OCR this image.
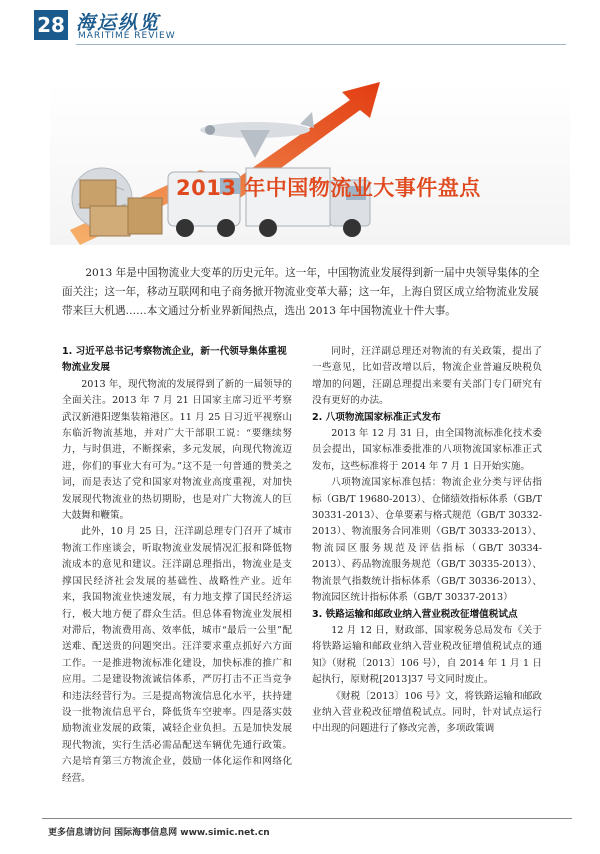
28 海运纵览
MARITIME REVIEW
2013 年中国物流业大事件盘点
2013 年是中国物流业大变革的历史元年。这一年，中国物流业发展得到新一届中央领导集体的全面关注；这一年，移动互联网和电子商务掀开物流业变革大幕；这一年，上海自贸区成立给物流业发展带来巨大机遇……本文通过分析业界新闻热点，选出 2013 年中国物流业十件大事。
1. 习近平总书记考察物流企业，新一代领导集体重视物流业发展

2013 年，现代物流的发展得到了新的一届领导的全面关注。2013 年 7 月 21 日国家主席习近平考察武汉新港阳逻集装箱港区。11 月 25 日习近平视察山东临沂物流基地，并对广大干部职工说：“要继续努力，与时俱进，不断探索，多元发展，向现代物流迈进，你们的事业大有可为。”这不是一句普通的赞美之词，而是表达了党和国家对物流业高度重视，对加快发展现代物流业的热切期盼，也是对广大物流人的巨大鼓舞和鞭策。

此外，10 月 25 日，汪洋副总理专门召开了城市物流工作座谈会，听取物流业发展情况汇报和降低物流成本的意见和建议。汪洋副总理指出，物流业是支撑国民经济社会发展的基础性、战略性产业。近年来，我国物流业快速发展，有力地支撑了国民经济运行，极大地方便了群众生活。但总体看物流业发展相对滞后，物流费用高、效率低，城市“最后一公里”配送难、配送贵的问题突出。汪洋要求重点抓好六方面工作。一是推进物流标准化建设，加快标准的推广和应用。二是建设物流诚信体系，严厉打击不正当竞争和违法经营行为。三是提高物流信息化水平，扶持建设一批物流信息平台，降低货车空驶率。四是落实鼓励物流业发展的政策，减轻企业负担。五是加快发展现代物流，实行生活必需品配送车辆优先通行政策。六是培育第三方物流企业，鼓励一体化运作和网络化经营。

同时，汪洋副总理还对物流的有关政策，提出了一些意见，比如营改增以后，物流企业普遍反映税负增加的问题，汪副总理提出来要有关部门专门研究有没有更好的办法。

2. 八项物流国家标准正式发布

2013 年 12 月 31 日，由全国物流标准化技术委员会提出，国家标准委批准的八项物流国家标准正式发布，这些标准将于 2014 年 7 月 1 日开始实施。

八项物流国家标准包括：物流企业分类与评估指标（GB/T 19680-2013）、仓储绩效指标体系（GB/T 30331-2013）、仓单要素与格式规范（GB/T 30332-2013）、物流服务合同准则（GB/T 30333-2013）、物流园区服务规范及评估指标（GB/T 30334-2013）、药品物流服务规范（GB/T 30335-2013）、物流景气指数统计指标体系（GB/T 30336-2013）、物流园区统计指标体系（GB/T 30337-2013）

3. 铁路运输和邮政业纳入营业税改征增值税试点

12 月 12 日，财政部、国家税务总局发布《关于将铁路运输和邮政业纳入营业税改征增值税试点的通知》（财税〔2013〕106 号），自 2014 年 1 月 1 日起执行，原财税[2013]37 号文同时废止。

《财税〔2013〕106 号》文，将铁路运输和邮政业纳入营业税改征增值税试点。同时，针对试点运行中出现的问题进行了修改完善，多项政策调

更多信息请访问 国际海事信息网 www.simic.net.cn
